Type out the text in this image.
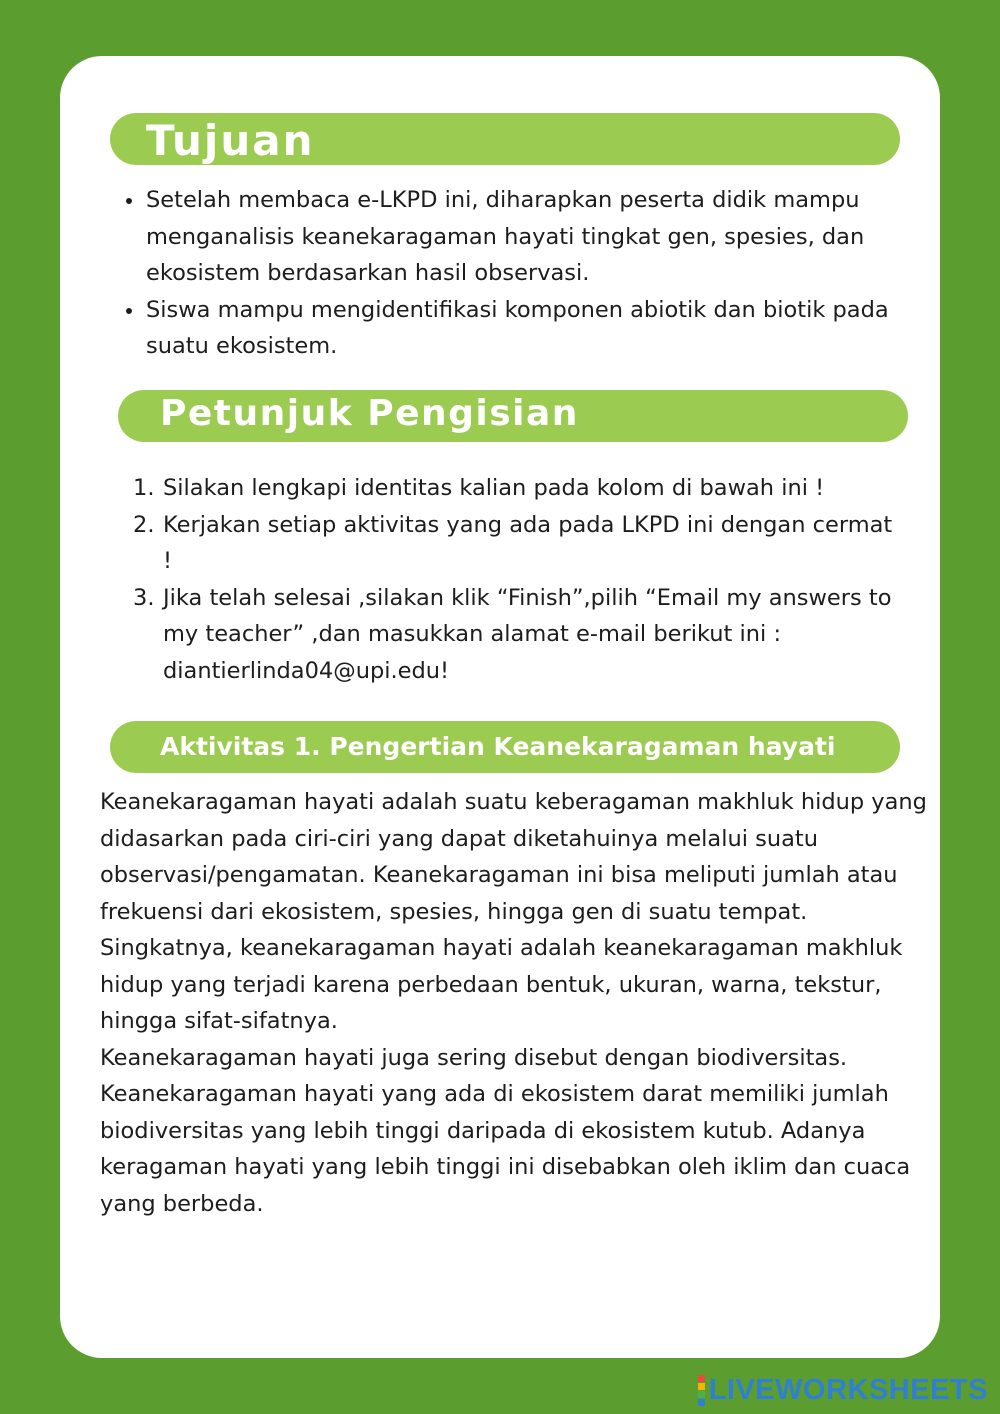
Tujuan
Setelah membaca e-LKPD ini, diharapkan peserta didik mampu menganalisis keanekaragaman hayati tingkat gen, spesies, dan ekosistem berdasarkan hasil observasi.
Siswa mampu mengidentifikasi komponen abiotik dan biotik pada suatu ekosistem.
Petunjuk Pengisian
1. Silakan lengkapi identitas kalian pada kolom di bawah ini !
2. Kerjakan setiap aktivitas yang ada pada LKPD ini dengan cermat !
3. Jika telah selesai ,silakan klik “Finish”,pilih “Email my answers to my teacher” ,dan masukkan alamat e-mail berikut ini : diantierlinda04@upi.edu!
Aktivitas 1. Pengertian Keanekaragaman hayati

Keanekaragaman hayati adalah suatu keberagaman makhluk hidup yang didasarkan pada ciri-ciri yang dapat diketahuinya melalui suatu observasi/pengamatan. Keanekaragaman ini bisa meliputi jumlah atau frekuensi dari ekosistem, spesies, hingga gen di suatu tempat. Singkatnya, keanekaragaman hayati adalah keanekaragaman makhluk hidup yang terjadi karena perbedaan bentuk, ukuran, warna, tekstur, hingga sifat-sifatnya.

Keanekaragaman hayati juga sering disebut dengan biodiversitas. Keanekaragaman hayati yang ada di ekosistem darat memiliki jumlah biodiversitas yang lebih tinggi daripada di ekosistem kutub. Adanya keragaman hayati yang lebih tinggi ini disebabkan oleh iklim dan cuaca yang berbeda.

LIVEWORKSHEETS
